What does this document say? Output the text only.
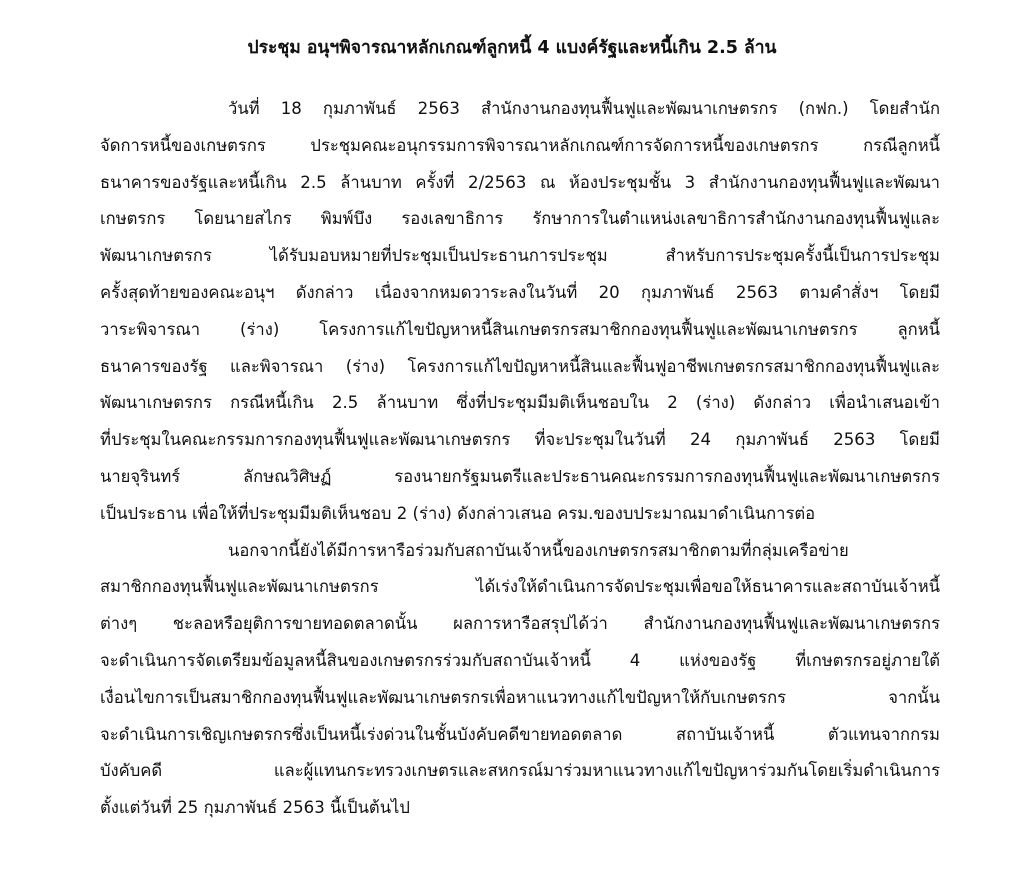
ประชุม อนุฯพิจารณาหลักเกณฑ์ลูกหนี้ 4 แบงค์รัฐและหนี้เกิน 2.5 ล้าน
วันที่ 18 กุมภาพันธ์ 2563 สำนักงานกองทุนฟื้นฟูและพัฒนาเกษตรกร (กฟก.) โดยสำนัก
จัดการหนี้ของเกษตรกร ประชุมคณะอนุกรรมการพิจารณาหลักเกณฑ์การจัดการหนี้ของเกษตรกร กรณีลูกหนี้
ธนาคารของรัฐและหนี้เกิน 2.5 ล้านบาท ครั้งที่ 2/2563 ณ ห้องประชุมชั้น 3 สำนักงานกองทุนฟื้นฟูและพัฒนา
เกษตรกร โดยนายสไกร พิมพ์บึง รองเลขาธิการ รักษาการในตำแหน่งเลขาธิการสำนักงานกองทุนฟื้นฟูและ
พัฒนาเกษตรกร ได้รับมอบหมายที่ประชุมเป็นประธานการประชุม สำหรับการประชุมครั้งนี้เป็นการประชุม
ครั้งสุดท้ายของคณะอนุฯ ดังกล่าว เนื่องจากหมดวาระลงในวันที่ 20 กุมภาพันธ์ 2563 ตามคำสั่งฯ โดยมี
วาระพิจารณา (ร่าง) โครงการแก้ไขปัญหาหนี้สินเกษตรกรสมาชิกกองทุนฟื้นฟูและพัฒนาเกษตรกร ลูกหนี้
ธนาคารของรัฐ และพิจารณา (ร่าง) โครงการแก้ไขปัญหาหนี้สินและฟื้นฟูอาชีพเกษตรกรสมาชิกกองทุนฟื้นฟูและ
พัฒนาเกษตรกร กรณีหนี้เกิน 2.5 ล้านบาท ซึ่งที่ประชุมมีมติเห็นชอบใน 2 (ร่าง) ดังกล่าว เพื่อนำเสนอเข้า
ที่ประชุมในคณะกรรมการกองทุนฟื้นฟูและพัฒนาเกษตรกร ที่จะประชุมในวันที่ 24 กุมภาพันธ์ 2563 โดยมี
นายจุรินทร์ ลักษณวิศิษฏ์ รองนายกรัฐมนตรีและประธานคณะกรรมการกองทุนฟื้นฟูและพัฒนาเกษตรกร
เป็นประธาน เพื่อให้ที่ประชุมมีมติเห็นชอบ 2 (ร่าง) ดังกล่าวเสนอ ครม.ของบประมาณมาดำเนินการต่อ
นอกจากนี้ยังได้มีการหารือร่วมกับสถาบันเจ้าหนี้ของเกษตรกรสมาชิกตามที่กลุ่มเครือข่าย
สมาชิกกองทุนฟื้นฟูและพัฒนาเกษตรกร ได้เร่งให้ดำเนินการจัดประชุมเพื่อขอให้ธนาคารและสถาบันเจ้าหนี้
ต่างๆ ชะลอหรือยุติการขายทอดตลาดนั้น ผลการหารือสรุปได้ว่า สำนักงานกองทุนฟื้นฟูและพัฒนาเกษตรกร
จะดำเนินการจัดเตรียมข้อมูลหนี้สินของเกษตรกรร่วมกับสถาบันเจ้าหนี้ 4 แห่งของรัฐ ที่เกษตรกรอยู่ภายใต้
เงื่อนไขการเป็นสมาชิกกองทุนฟื้นฟูและพัฒนาเกษตรกรเพื่อหาแนวทางแก้ไขปัญหาให้กับเกษตรกร จากนั้น
จะดำเนินการเชิญเกษตรกรซึ่งเป็นหนี้เร่งด่วนในชั้นบังคับคดีขายทอดตลาด สถาบันเจ้าหนี้ ตัวแทนจากกรม
บังคับคดี และผู้แทนกระทรวงเกษตรและสหกรณ์มาร่วมหาแนวทางแก้ไขปัญหาร่วมกันโดยเริ่มดำเนินการ
ตั้งแต่วันที่ 25 กุมภาพันธ์ 2563 นี้เป็นต้นไป
